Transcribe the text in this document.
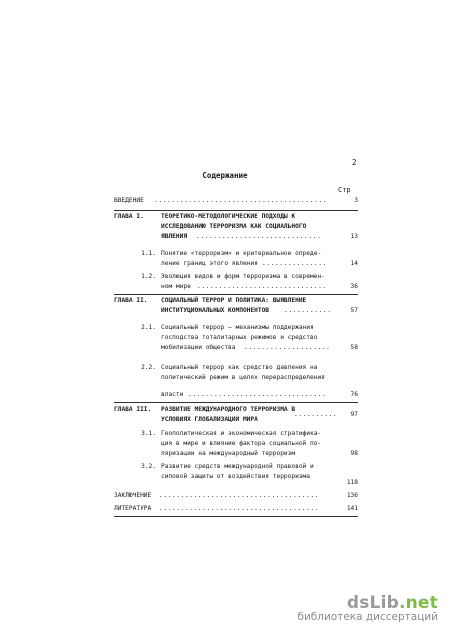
2
Содержание
Стр
ВВЕДЕНИЕ ........................................	3
ГЛАВА I.	ТЕОРЕТИКО-МЕТОДОЛОГИЧЕСКИЕ ПОДХОДЫ К
ИССЛЕДОВАНИЮ ТЕРРОРИЗМА КАК СОЦИАЛЬНОГО
ЯВЛЕНИЯ .............................	13
1.1. Понятие «терроризм» и критериальное опреде-
ление границ этого явления ...............	14
1.2. Эволюция видов и форм терроризма в современ-
ном мире ..............................	36
ГЛАВА II. СОЦИАЛЬНЫЙ ТЕРРОР И ПОЛИТИКА: ВЫЯВЛЕНИЕ
ИНСТИТУЦИОНАЛЬНЫХ КОМПОНЕНТОВ ...........	57
2.1. Социальный террор – механизмы поддержания
господства тоталитарных режимов и средство
мобилизации общества ....................	58
2.2. Социальный террор как средство давления на
политический режим в целях перераспределения
власти ................................	76
ГЛАВА III. РАЗВИТИЕ МЕЖДУНАРОДНОГО ТЕРРОРИЗМА В
УСЛОВИЯХ ГЛОБАЛИЗАЦИИ МИРА
..........	97
3.1. Геополитическая и экономическая стратифика-
ция в мире и влияние фактора социальной по-
ляризации на международный терроризм	98
3.2. Развитие средств международной правовой и
силовой защиты от воздействия терроризма
118
ЗАКЛЮЧЕНИЕ .....................................	136
ЛИТЕРАТУРА .....................................	141
dsLib.net
библиотека диссертаций
